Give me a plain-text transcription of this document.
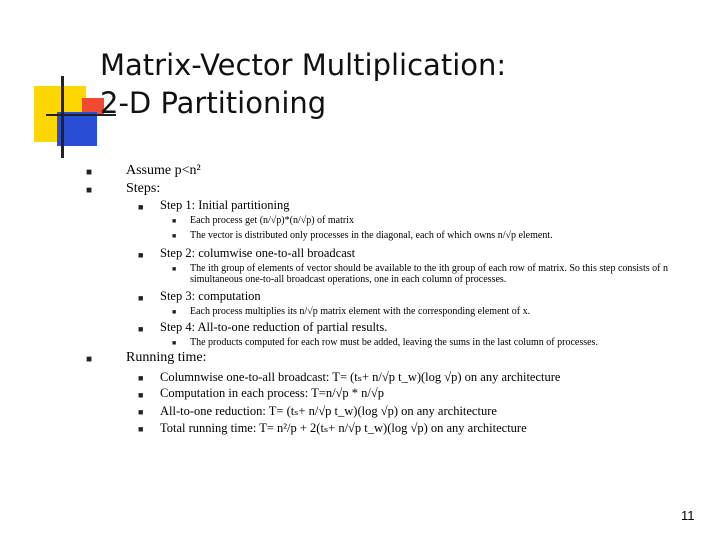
Matrix-Vector Multiplication:
2-D Partitioning
■ Assume p<n²
■ Steps:
■ Step 1: Initial partitioning
■ Each process get (n/√p)*(n/√p) of matrix
■ The vector is distributed only processes in the diagonal, each of which owns n/√p element.
■ Step 2: columwise one-to-all broadcast
■ The ith group of elements of vector should be available to the ith group of each row of matrix. So this step consists of n simultaneous one-to-all broadcast operations, one in each column of processes.
■ Step 3: computation
■ Each process multiplies its n/√p matrix element with the corresponding element of x.
■ Step 4: All-to-one reduction of partial results.
■ The products computed for each row must be added, leaving the sums in the last column of processes.
■ Running time:
■ Columnwise one-to-all broadcast: T= (tₛ+ n/√p t_w)(log √p) on any architecture
■ Computation in each process: T=n/√p * n/√p
■ All-to-one reduction: T= (tₛ+ n/√p t_w)(log √p) on any architecture
■ Total running time: T= n²/p + 2(tₛ+ n/√p t_w)(log √p) on any architecture
11
